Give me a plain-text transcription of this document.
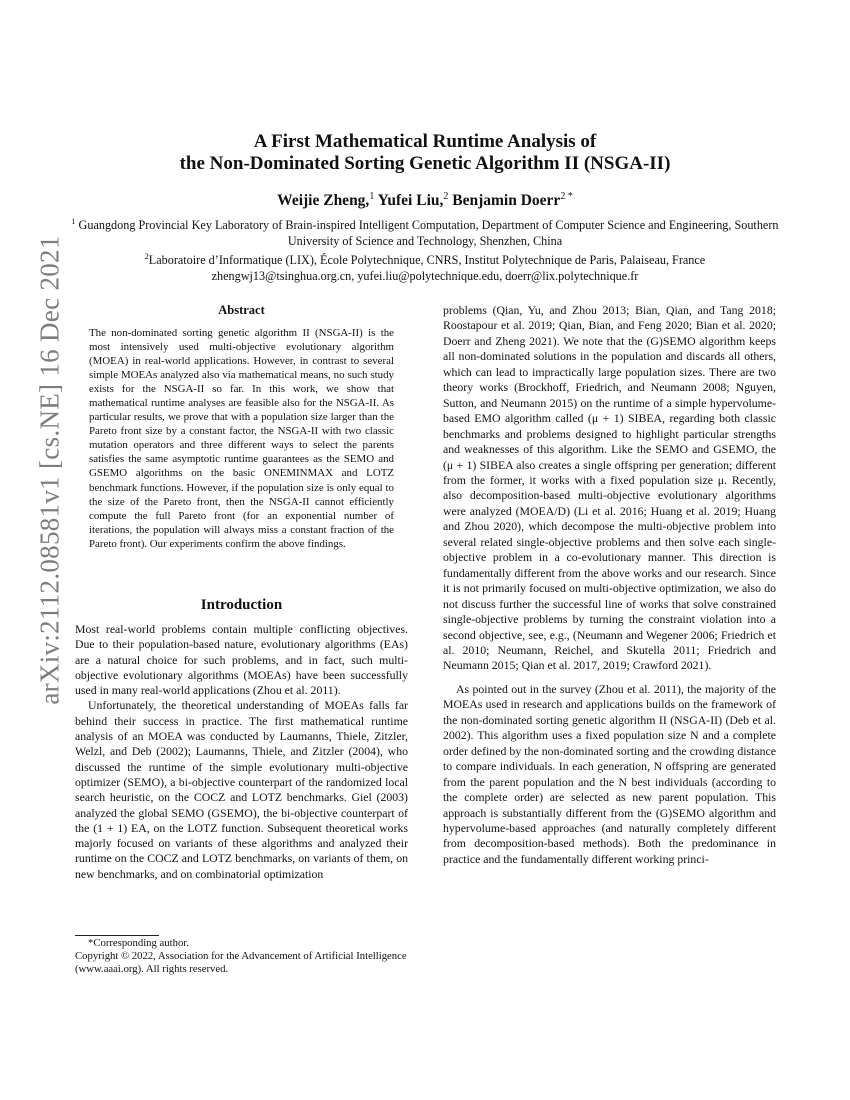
arXiv:2112.08581v1 [cs.NE] 16 Dec 2021
A First Mathematical Runtime Analysis of
the Non-Dominated Sorting Genetic Algorithm II (NSGA-II)
Weijie Zheng,$^1$ Yufei Liu,$^2$ Benjamin Doerr$^{2 *}$
$^1$ Guangdong Provincial Key Laboratory of Brain-inspired Intelligent Computation, Department of Computer Science and Engineering, Southern University of Science and Technology, Shenzhen, China
$^2$Laboratoire d’Informatique (LIX), École Polytechnique, CNRS, Institut Polytechnique de Paris, Palaiseau, France
zhengwj13@tsinghua.org.cn, yufei.liu@polytechnique.edu, doerr@lix.polytechnique.fr
Abstract
The non-dominated sorting genetic algorithm II (NSGA-II) is the most intensively used multi-objective evolutionary algorithm (MOEA) in real-world applications. However, in contrast to several simple MOEAs analyzed also via mathematical means, no such study exists for the NSGA-II so far. In this work, we show that mathematical runtime analyses are feasible also for the NSGA-II. As particular results, we prove that with a population size larger than the Pareto front size by a constant factor, the NSGA-II with two classic mutation operators and three different ways to select the parents satisfies the same asymptotic runtime guarantees as the SEMO and GSEMO algorithms on the basic ONEMINMAX and LOTZ benchmark functions. However, if the population size is only equal to the size of the Pareto front, then the NSGA-II cannot efficiently compute the full Pareto front (for an exponential number of iterations, the population will always miss a constant fraction of the Pareto front). Our experiments confirm the above findings.
Introduction

Most real-world problems contain multiple conflicting objectives. Due to their population-based nature, evolutionary algorithms (EAs) are a natural choice for such problems, and in fact, such multi-objective evolutionary algorithms (MOEAs) have been successfully used in many real-world applications (Zhou et al. 2011).

Unfortunately, the theoretical understanding of MOEAs falls far behind their success in practice. The first mathematical runtime analysis of an MOEA was conducted by Laumanns, Thiele, Zitzler, Welzl, and Deb (2002); Laumanns, Thiele, and Zitzler (2004), who discussed the runtime of the simple evolutionary multi-objective optimizer (SEMO), a bi-objective counterpart of the randomized local search heuristic, on the COCZ and LOTZ benchmarks. Giel (2003) analyzed the global SEMO (GSEMO), the bi-objective counterpart of the (1 + 1) EA, on the LOTZ function. Subsequent theoretical works majorly focused on variants of these algorithms and analyzed their runtime on the COCZ and LOTZ benchmarks, on variants of them, on new benchmarks, and on combinatorial optimization

*Corresponding author.

Copyright © 2022, Association for the Advancement of Artificial Intelligence (www.aaai.org). All rights reserved.

problems (Qian, Yu, and Zhou 2013; Bian, Qian, and Tang 2018; Roostapour et al. 2019; Qian, Bian, and Feng 2020; Bian et al. 2020; Doerr and Zheng 2021). We note that the (G)SEMO algorithm keeps all non-dominated solutions in the population and discards all others, which can lead to impractically large population sizes. There are two theory works (Brockhoff, Friedrich, and Neumann 2008; Nguyen, Sutton, and Neumann 2015) on the runtime of a simple hypervolume-based EMO algorithm called (μ + 1) SIBEA, regarding both classic benchmarks and problems designed to highlight particular strengths and weaknesses of this algorithm. Like the SEMO and GSEMO, the (μ + 1) SIBEA also creates a single offspring per generation; different from the former, it works with a fixed population size μ. Recently, also decomposition-based multi-objective evolutionary algorithms were analyzed (MOEA/D) (Li et al. 2016; Huang et al. 2019; Huang and Zhou 2020), which decompose the multi-objective problem into several related single-objective problems and then solve each single-objective problem in a co-evolutionary manner. This direction is fundamentally different from the above works and our research. Since it is not primarily focused on multi-objective optimization, we also do not discuss further the successful line of works that solve constrained single-objective problems by turning the constraint violation into a second objective, see, e.g., (Neumann and Wegener 2006; Friedrich et al. 2010; Neumann, Reichel, and Skutella 2011; Friedrich and Neumann 2015; Qian et al. 2017, 2019; Crawford 2021).

As pointed out in the survey (Zhou et al. 2011), the majority of the MOEAs used in research and applications builds on the framework of the non-dominated sorting genetic algorithm II (NSGA-II) (Deb et al. 2002). This algorithm uses a fixed population size N and a complete order defined by the non-dominated sorting and the crowding distance to compare individuals. In each generation, N offspring are generated from the parent population and the N best individuals (according to the complete order) are selected as new parent population. This approach is substantially different from the (G)SEMO algorithm and hypervolume-based approaches (and naturally completely different from decomposition-based methods). Both the predominance in practice and the fundamentally different working princi-
